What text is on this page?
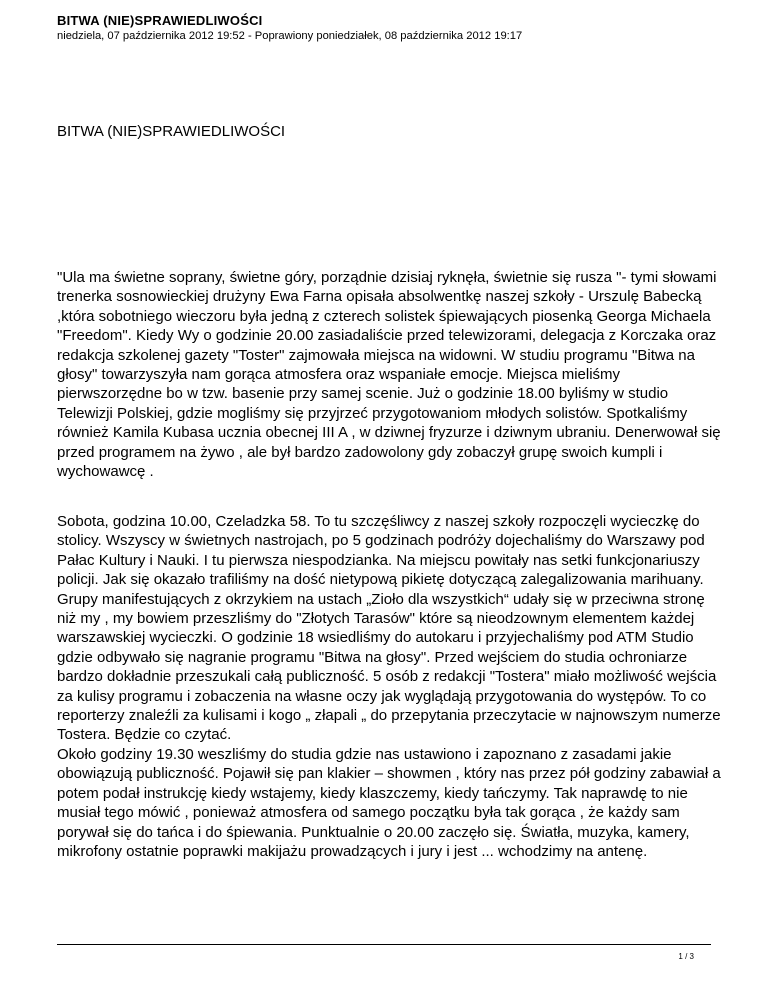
BITWA (NIE)SPRAWIEDLIWOŚCI
niedziela, 07 października 2012 19:52 - Poprawiony poniedziałek, 08 października 2012 19:17
BITWA (NIE)SPRAWIEDLIWOŚCI

"Ula ma świetne soprany, świetne góry, porządnie dzisiaj ryknęła, świetnie się rusza "- tymi słowami trenerka sosnowieckiej drużyny Ewa Farna opisała absolwentkę naszej szkoły - Urszulę Babecką ,która sobotniego wieczoru była jedną z czterech solistek śpiewających piosenką Georga Michaela "Freedom". Kiedy Wy o godzinie 20.00 zasiadaliście przed telewizorami, delegacja z Korczaka oraz redakcja szkolenej gazety "Toster" zajmowała miejsca na widowni. W studiu programu "Bitwa na głosy" towarzyszyła nam gorąca atmosfera oraz wspaniałe emocje. Miejsca mieliśmy pierwszorzędne bo w tzw. basenie przy samej scenie. Już o godzinie 18.00 byliśmy w studio Telewizji Polskiej, gdzie mogliśmy się przyjrzeć przygotowaniom młodych solistów. Spotkaliśmy również Kamila Kubasa ucznia obecnej III A , w dziwnej fryzurze i dziwnym ubraniu. Denerwował się przed programem na żywo , ale był bardzo zadowolony gdy zobaczył grupę swoich kumpli i wychowawcę .

Sobota, godzina 10.00, Czeladzka 58. To tu szczęśliwcy z naszej szkoły rozpoczęli wycieczkę do stolicy. Wszyscy w świetnych nastrojach, po 5 godzinach podróży dojechaliśmy do Warszawy pod Pałac Kultury i Nauki. I tu pierwsza niespodzianka. Na miejscu powitały nas setki funkcjonariuszy policji. Jak się okazało trafiliśmy na dość nietypową pikietę dotyczącą zalegalizowania marihuany. Grupy manifestujących z okrzykiem na ustach „Zioło dla wszystkich“ udały się w przeciwna stronę niż my , my bowiem przeszliśmy do "Złotych Tarasów" które są nieodzownym elementem każdej warszawskiej wycieczki. O godzinie 18 wsiedliśmy do autokaru i przyjechaliśmy pod ATM Studio gdzie odbywało się nagranie programu "Bitwa na głosy". Przed wejściem do studia ochroniarze bardzo dokładnie przeszukali całą publiczność. 5 osób z redakcji "Tostera" miało możliwość wejścia za kulisy programu i zobaczenia na własne oczy jak wyglądają przygotowania do występów. To co reporterzy znaleźli za kulisami i kogo „ złapali „ do przepytania przeczytacie w najnowszym numerze Tostera. Będzie co czytać.
Około godziny 19.30 weszliśmy do studia gdzie nas ustawiono i zapoznano z zasadami jakie obowiązują publiczność. Pojawił się pan klakier – showmen , który nas przez pół godziny zabawiał a potem podał instrukcję kiedy wstajemy, kiedy klaszczemy, kiedy tańczymy. Tak naprawdę to nie musiał tego mówić , ponieważ atmosfera od samego początku była tak gorąca , że każdy sam porywał się do tańca i do śpiewania. Punktualnie o 20.00 zaczęło się. Światła, muzyka, kamery, mikrofony ostatnie poprawki makijażu prowadzących i jury i jest ... wchodzimy na antenę.

1 / 3
